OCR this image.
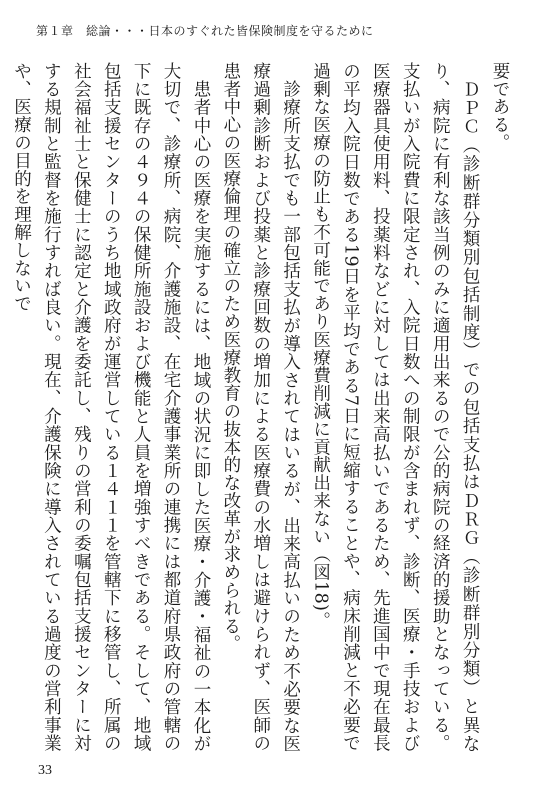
第１章　総論・・・日本のすぐれた皆保険制度を守るために

要である。

ＤＰＣ（診断群分類別包括制度）での包括支払はＤＲＧ（診断群別分類）と異なり、病院に有利な該当例のみに適用出来るので公的病院の経済的援助となっている。支払いが入院費に限定され、入院日数への制限が含まれず、診断、医療・手技および医療器具使用料、投薬料などに対しては出来高払いであるため、先進国中で現在最長の平均入院日数である19日を平均である7日に短縮することや、病床削減と不必要で過剰な医療の防止も不可能であり医療費削減に貢献出来ない（図18)。

診療所支払でも一部包括支払が導入されてはいるが、出来高払いのため不必要な医療過剰診断および投薬と診療回数の増加による医療費の水増しは避けられず、医師の患者中心の医療倫理の確立のため医療教育の抜本的な改革が求められる。

患者中心の医療を実施するには、地域の状況に即した医療・介護・福祉の一本化が大切で、診療所、病院、介護施設、在宅介護事業所の連携には都道府県政府の管轄の下に既存の４９４の保健所施設および機能と人員を増強すべきである。そして、地域包括支援センターのうち地域政府が運営している１４１１を管轄下に移管し、所属の社会福祉士と保健士に認定と介護を委託し、残りの営利の委嘱包括支援センターに対する規制と監督を施行すれば良い。現在、介護保険に導入されている過度の営利事業や、医療の目的を理解しないで

33
